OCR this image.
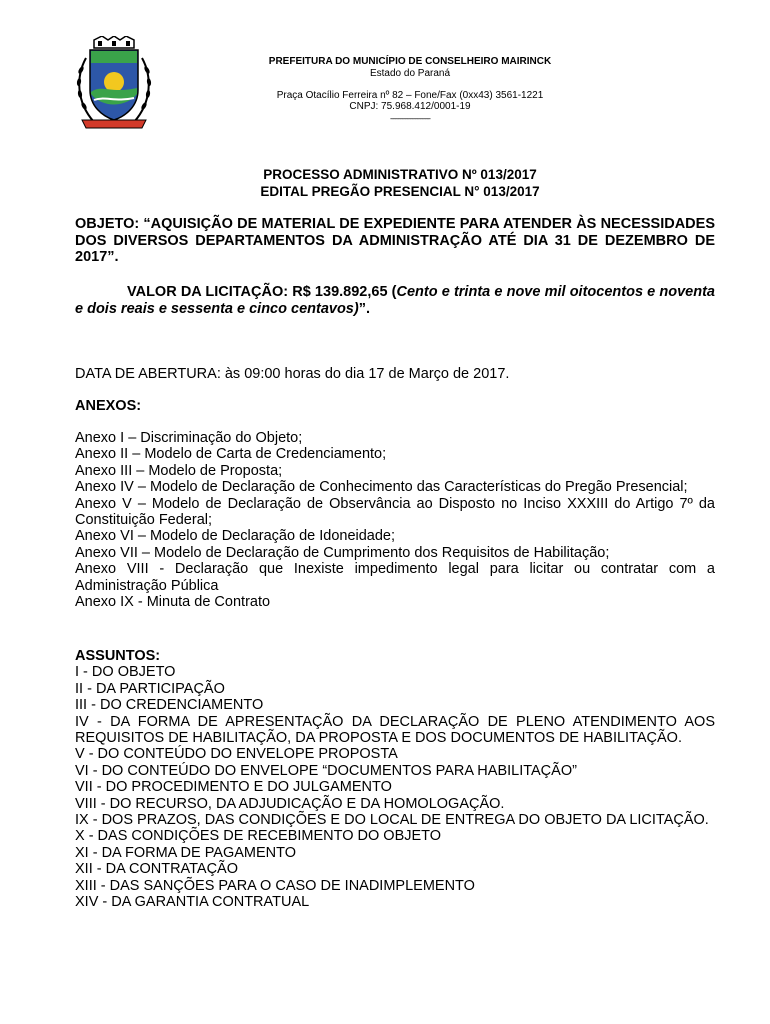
PREFEITURA DO MUNICÍPIO DE CONSELHEIRO MAIRINCK
Estado do Paraná
Praça Otacílio Ferreira nº 82 – Fone/Fax (0xx43) 3561-1221
CNPJ: 75.968.412/0001-19
------------------------
PROCESSO ADMINISTRATIVO Nº 013/2017
EDITAL PREGÃO PRESENCIAL N° 013/2017
OBJETO: “AQUISIÇÃO DE MATERIAL DE EXPEDIENTE PARA ATENDER ÀS NECESSIDADES DOS DIVERSOS DEPARTAMENTOS DA ADMINISTRAÇÃO ATÉ DIA 31 DE DEZEMBRO DE 2017”.
VALOR DA LICITAÇÃO: R$ 139.892,65 (Cento e trinta e nove mil oitocentos e noventa e dois reais e sessenta e cinco centavos)”.
DATA DE ABERTURA: às 09:00 horas do dia 17 de Março de 2017.
ANEXOS:
Anexo I – Discriminação do Objeto;
Anexo II – Modelo de Carta de Credenciamento;
Anexo III – Modelo de Proposta;
Anexo IV – Modelo de Declaração de Conhecimento das Características do Pregão Presencial;
Anexo V – Modelo de Declaração de Observância ao Disposto no Inciso XXXIII do Artigo 7º da Constituição Federal;
Anexo VI – Modelo de Declaração de Idoneidade;
Anexo VII – Modelo de Declaração de Cumprimento dos Requisitos de Habilitação;
Anexo VIII - Declaração que Inexiste impedimento legal para licitar ou contratar com a Administração Pública
Anexo IX - Minuta de Contrato
ASSUNTOS:
I - DO OBJETO
II - DA PARTICIPAÇÃO
III - DO CREDENCIAMENTO
IV - DA FORMA DE APRESENTAÇÃO DA DECLARAÇÃO DE PLENO ATENDIMENTO AOS REQUISITOS DE HABILITAÇÃO, DA PROPOSTA E DOS DOCUMENTOS DE HABILITAÇÃO.
V - DO CONTEÚDO DO ENVELOPE PROPOSTA
VI - DO CONTEÚDO DO ENVELOPE “DOCUMENTOS PARA HABILITAÇÃO”
VII - DO PROCEDIMENTO E DO JULGAMENTO
VIII - DO RECURSO, DA ADJUDICAÇÃO E DA HOMOLOGAÇÃO.
IX - DOS PRAZOS, DAS CONDIÇÕES E DO LOCAL DE ENTREGA DO OBJETO DA LICITAÇÃO.
X - DAS CONDIÇÕES DE RECEBIMENTO DO OBJETO
XI - DA FORMA DE PAGAMENTO
XII - DA CONTRATAÇÃO
XIII - DAS SANÇÕES PARA O CASO DE INADIMPLEMENTO
XIV - DA GARANTIA CONTRATUAL
